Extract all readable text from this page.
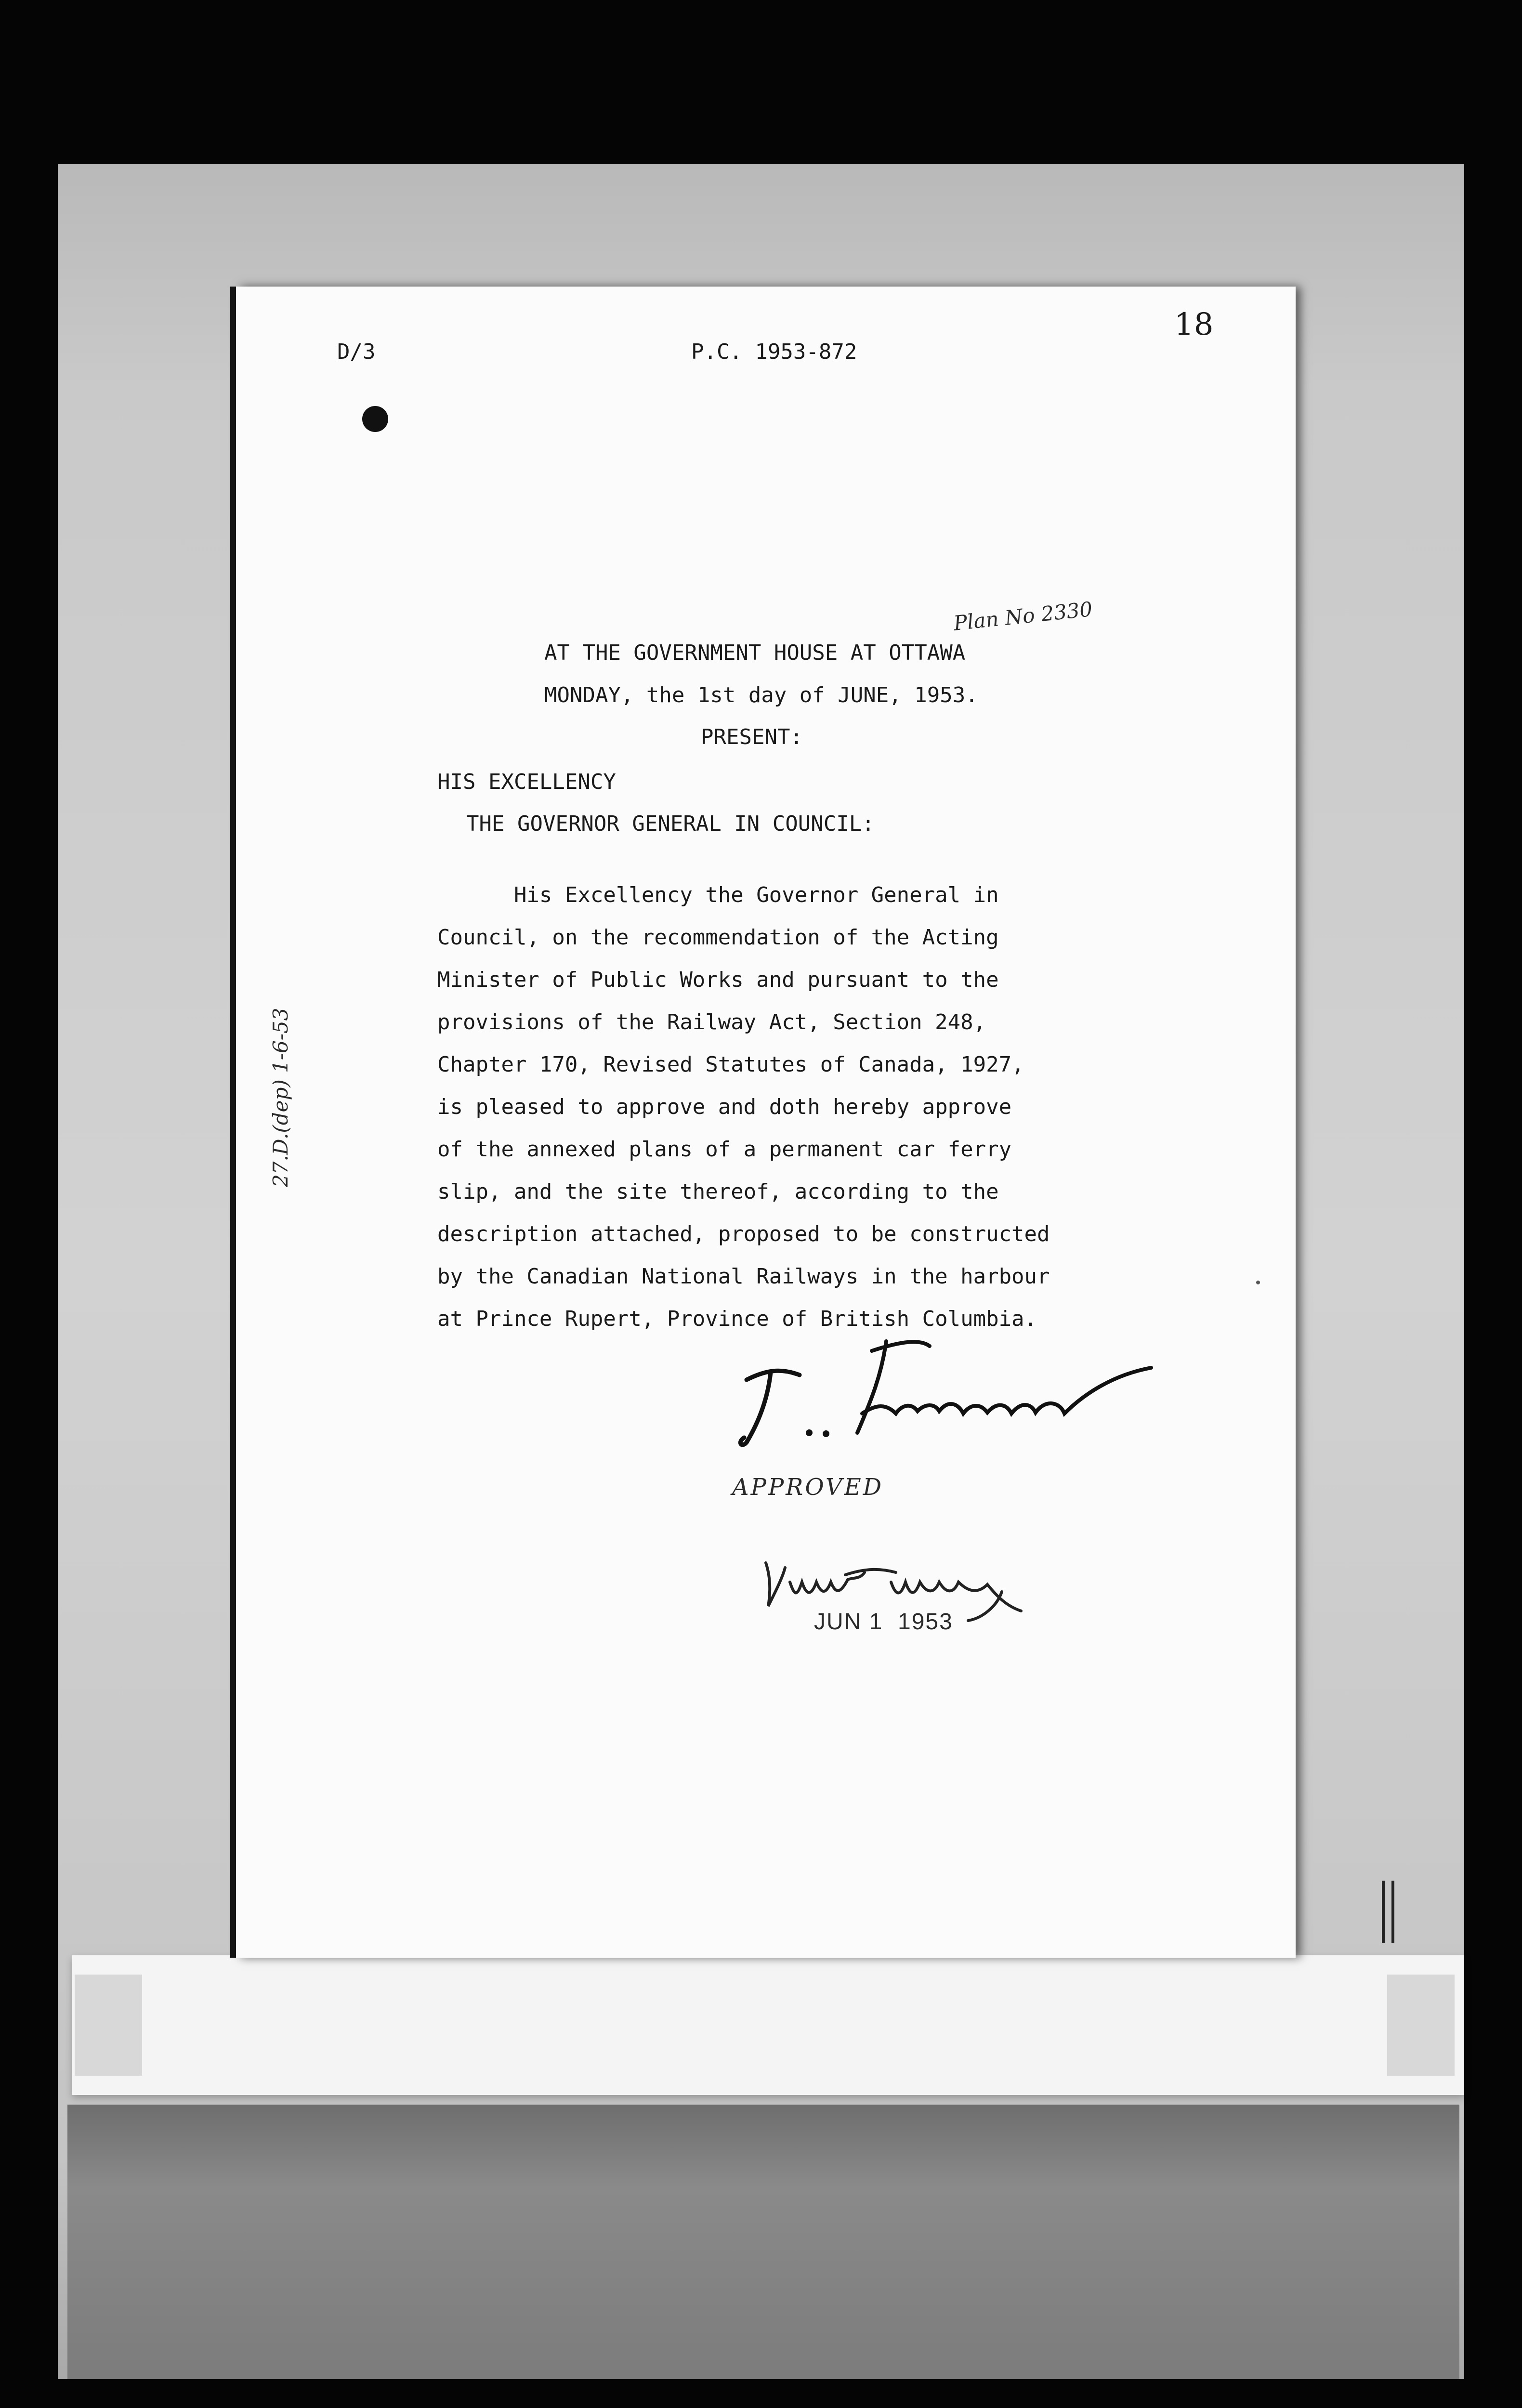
D/3	P.C. 1953-872
18
Plan No 2330
AT THE GOVERNMENT HOUSE AT OTTAWA
MONDAY, the 1st day of JUNE, 1953.
PRESENT:
HIS EXCELLENCY
THE GOVERNOR GENERAL IN COUNCIL:
His Excellency the Governor General in
Council, on the recommendation of the Acting
Minister of Public Works and pursuant to the
provisions of the Railway Act, Section 248,
Chapter 170, Revised Statutes of Canada, 1927,
is pleased to approve and doth hereby approve
of the annexed plans of a permanent car ferry
slip, and the site thereof, according to the
description attached, proposed to be constructed
by the Canadian National Railways in the harbour
at Prince Rupert, Province of British Columbia.
27.D.(dep) 1-6-53
APPROVED
JUN 1  1953
